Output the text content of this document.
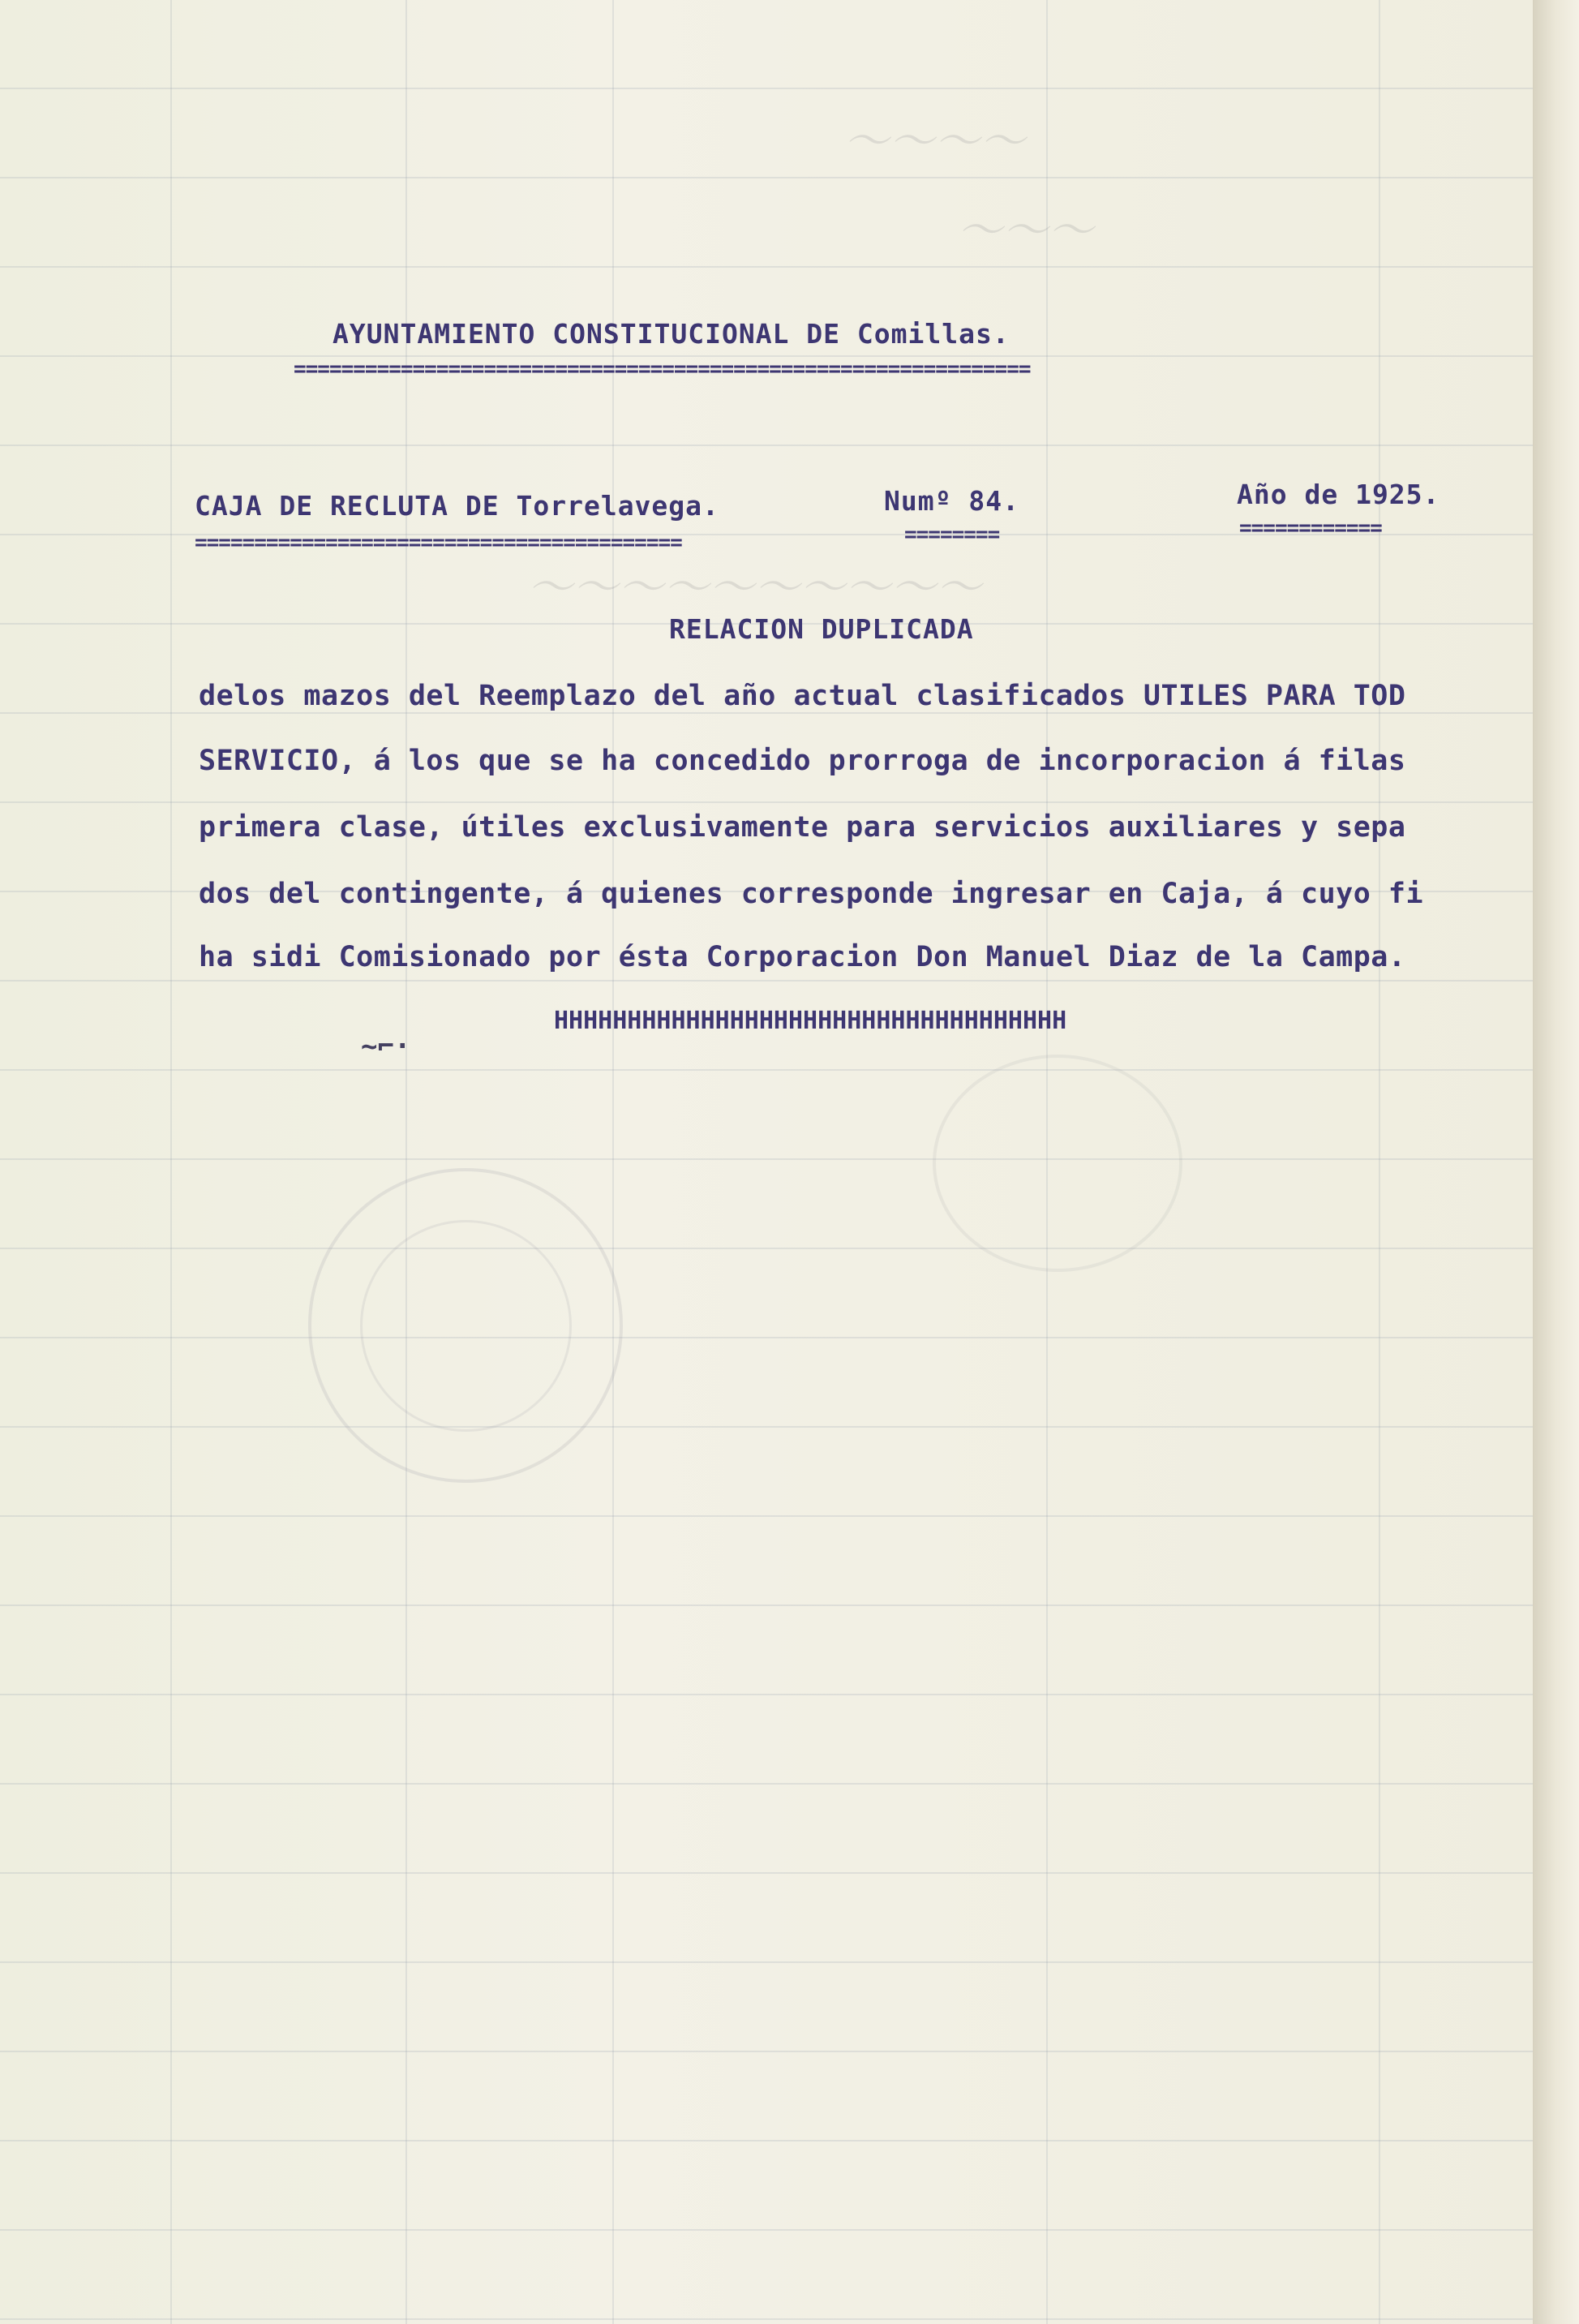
～～～～
～～～
～～～～～～～～～～

AYUNTAMIENTO CONSTITUCIONAL DE Comillas.
==============================================================
CAJA DE RECLUTA DE Torrelavega.	Numº 84.	Año de 1925.
=========================================	========	============
RELACION DUPLICADA
delos mazos del Reemplazo del año actual clasificados UTILES PARA TOD
SERVICIO, á los que se ha concedido prorroga de incorporacion á filas
primera clase, útiles exclusivamente para servicios auxiliares y sepa
dos del contingente, á quienes corresponde ingresar en Caja, á cuyo fi
ha sidi Comisionado por ésta Corporacion Don Manuel Diaz de la Campa.
HHHHHHHHHHHHHHHHHHHHHHHHHHHHHHHHHHH
~⌐·
